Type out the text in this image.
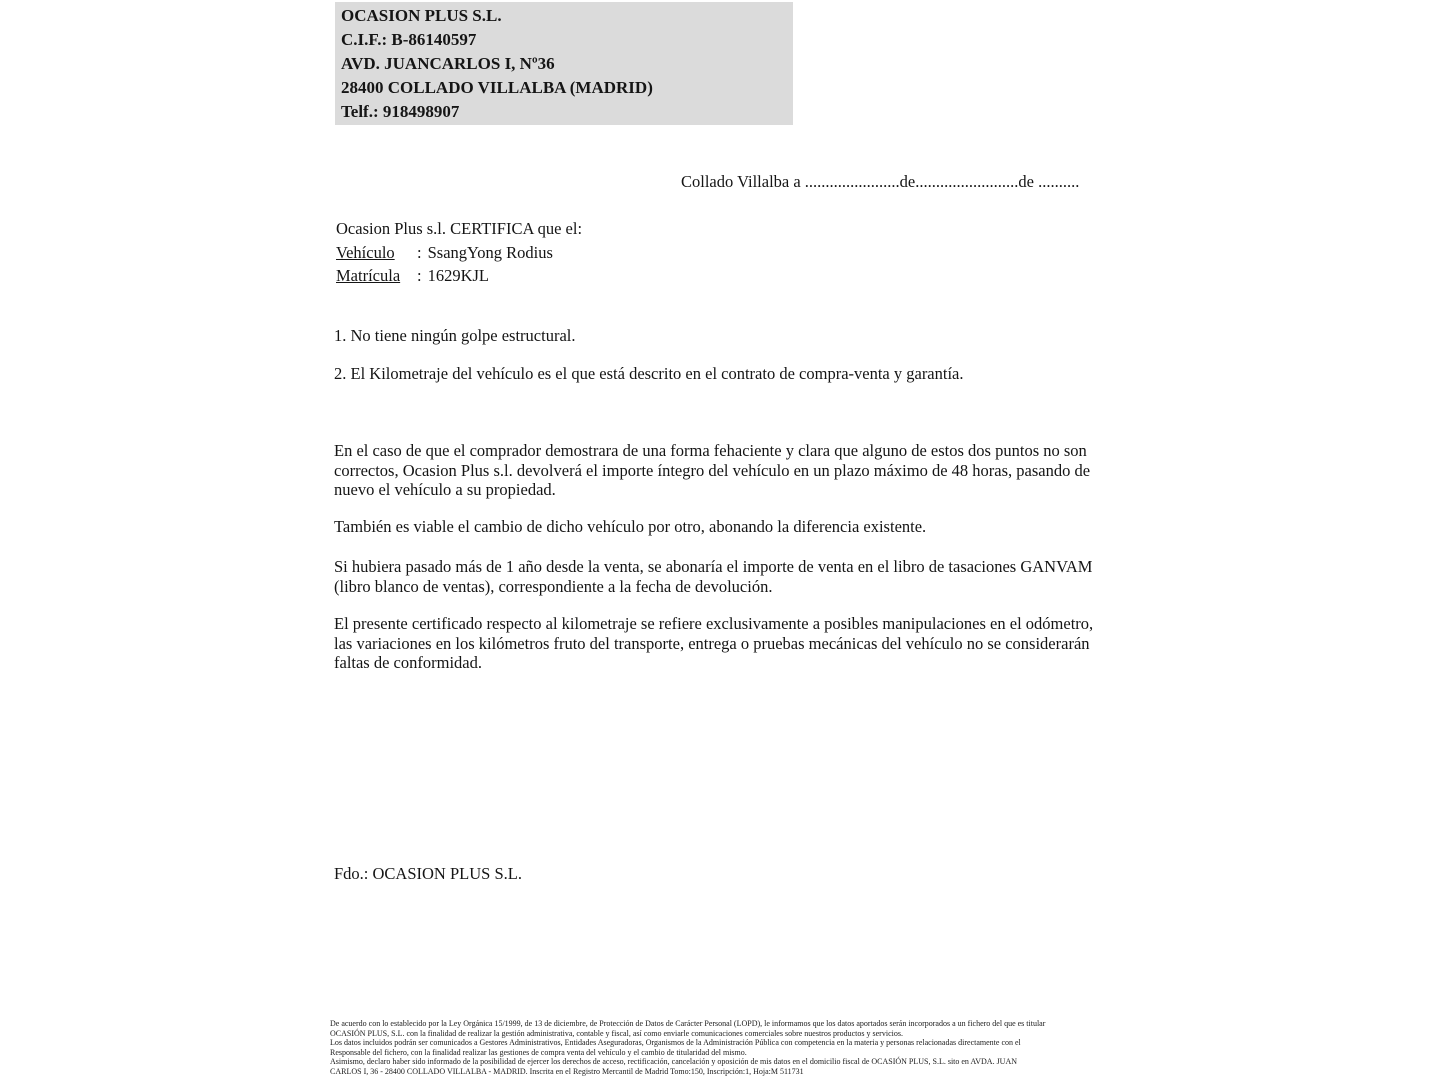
OCASION PLUS S.L.
C.I.F.: B-86140597
AVD. JUANCARLOS I, Nº36
28400 COLLADO VILLALBA (MADRID)
Telf.: 918498907
Collado Villalba a .......................de.........................de ..........
Ocasion Plus s.l. CERTIFICA que el:
Vehículo : SsangYong Rodius
Matrícula : 1629KJL
1. No tiene ningún golpe estructural.
2. El Kilometraje del vehículo es el que está descrito en el contrato de compra-venta y garantía.
En el caso de que el comprador demostrara de una forma fehaciente y clara que alguno de estos dos puntos no son correctos, Ocasion Plus s.l. devolverá el importe íntegro del vehículo en un plazo máximo de 48 horas, pasando de nuevo el vehículo a su propiedad.
También es viable el cambio de dicho vehículo por otro, abonando la diferencia existente.
Si hubiera pasado más de 1 año desde la venta, se abonaría el importe de venta en el libro de tasaciones GANVAM (libro blanco de ventas), correspondiente a la fecha de devolución.
El presente certificado respecto al kilometraje se refiere exclusivamente a posibles manipulaciones en el odómetro, las variaciones en los kilómetros fruto del transporte, entrega o pruebas mecánicas del vehículo no se considerarán faltas de conformidad.
Fdo.: OCASION PLUS S.L.
De acuerdo con lo establecido por la Ley Orgánica 15/1999, de 13 de diciembre, de Protección de Datos de Carácter Personal (LOPD), le informamos que los datos aportados serán incorporados a un fichero del que es titular
OCASIÓN PLUS, S.L. con la finalidad de realizar la gestión administrativa, contable y fiscal, así como enviarle comunicaciones comerciales sobre nuestros productos y servicios.
Los datos incluidos podrán ser comunicados a Gestores Administrativos, Entidades Aseguradoras, Organismos de la Administración Pública con competencia en la materia y personas relacionadas directamente con el
Responsable del fichero, con la finalidad realizar las gestiones de compra venta del vehículo y el cambio de titularidad del mismo.
Asimismo, declaro haber sido informado de la posibilidad de ejercer los derechos de acceso, rectificación, cancelación y oposición de mis datos en el domicilio fiscal de OCASIÓN PLUS, S.L. sito en AVDA. JUAN
CARLOS I, 36 - 28400 COLLADO VILLALBA - MADRID. Inscrita en el Registro Mercantil de Madrid Tomo:150, Inscripción:1, Hoja:M 511731
